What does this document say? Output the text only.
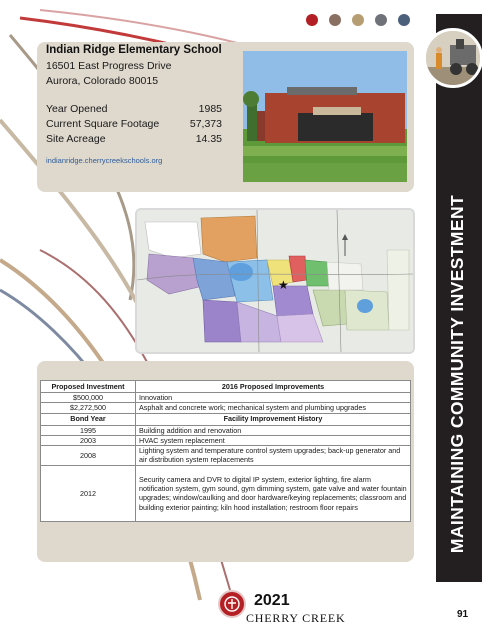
MAINTAINING COMMUNITY INVESTMENT
Indian Ridge Elementary School
16501 East Progress Drive
Aurora, Colorado 80015
Year Opened	1985
Current Square Footage	57,373
Site Acreage	14.35
indianridge.cherrycreekschools.org
★
Proposed Investment	2016 Proposed Improvements
$500,000	Innovation
$2,272,500	Asphalt and concrete work; mechanical system and plumbing upgrades
Bond Year	Facility Improvement History
1995	Building addition and renovation
2003	HVAC system replacement
2008	Lighting system and temperature control system upgrades; back-up generator and air distribution system replacements
2012	Security camera and DVR to digital IP system, exterior lighting, fire alarm notification system, gym sound, gym dimming system, gate valve and water fountain upgrades; window/caulking and door hardware/keying replacements; classroom and building exterior painting; kiln hood installation; restroom floor repairs
2021
CHERRY CREEK	91
